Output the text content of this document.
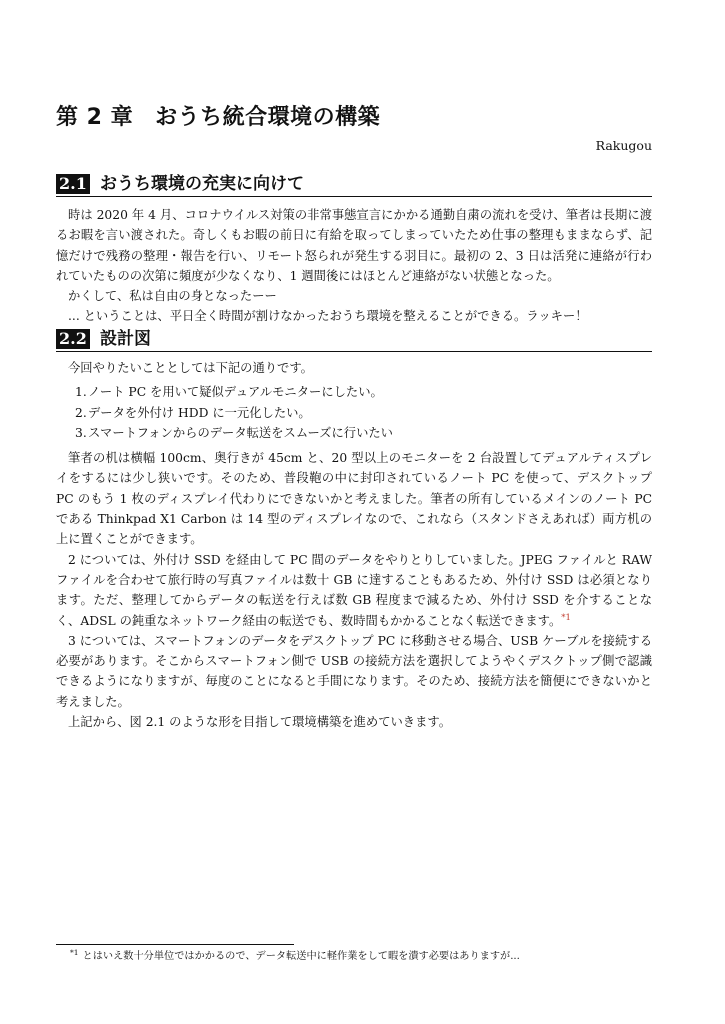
第 2 章 おうち統合環境の構築
Rakugou
2.1 おうち環境の充実に向けて

時は 2020 年 4 月、コロナウイルス対策の非常事態宣言にかかる通勤自粛の流れを受け、筆者は長期に渡るお暇を言い渡された。奇しくもお暇の前日に有給を取ってしまっていたため仕事の整理もままならず、記憶だけで残務の整理・報告を行い、リモート怒られが発生する羽目に。最初の 2、3 日は活発に連絡が行われていたものの次第に頻度が少なくなり、1 週間後にはほとんど連絡がない状態となった。

かくして、私は自由の身となったーー

... ということは、平日全く時間が割けなかったおうち環境を整えることができる。ラッキー！

2.2 設計図

今回やりたいこととしては下記の通りです。

1. ノート PC を用いて疑似デュアルモニターにしたい。
2. データを外付け HDD に一元化したい。
3. スマートフォンからのデータ転送をスムーズに行いたい

筆者の机は横幅 100cm、奥行きが 45cm と、20 型以上のモニターを 2 台設置してデュアルティスプレイをするには少し狭いです。そのため、普段鞄の中に封印されているノート PC を使って、デスクトップ PC のもう 1 枚のディスプレイ代わりにできないかと考えました。筆者の所有しているメインのノート PC である Thinkpad X1 Carbon は 14 型のディスプレイなので、これなら（スタンドさえあれば）両方机の上に置くことができます。

2 については、外付け SSD を経由して PC 間のデータをやりとりしていました。JPEG ファイルと RAW ファイルを合わせて旅行時の写真ファイルは数十 GB に達することもあるため、外付け SSD は必須となります。ただ、整理してからデータの転送を行えば数 GB 程度まで減るため、外付け SSD を介することなく、ADSL の鈍重なネットワーク経由の転送でも、数時間もかかることなく転送できます。$^{*1}$

3 については、スマートフォンのデータをデスクトップ PC に移動させる場合、USB ケーブルを接続する必要があります。そこからスマートフォン側で USB の接続方法を選択してようやくデスクトップ側で認識できるようになりますが、毎度のことになると手間になります。そのため、接続方法を簡便にできないかと考えました。

上記から、図 2.1 のような形を目指して環境構築を進めていきます。

$^{*1}$ とはいえ数十分単位ではかかるので、データ転送中に軽作業をして暇を潰す必要はありますが...
